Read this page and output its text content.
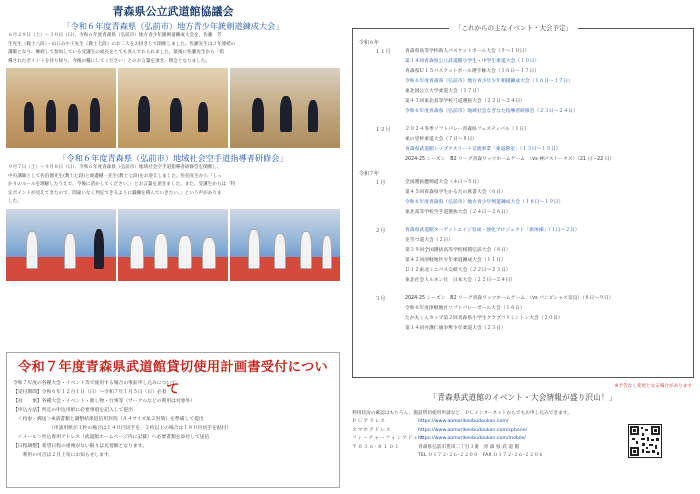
青森県公立武道館協議会
「令和６年度青森県（弘前市）地方青少年銃剣道錬成大会」
６月２９日（土）～３０日（日）、令和６年度青森県（弘前市）地方青少年銃剣道錬成大会を、佐藤　芳
生先生（範士八段）・山口みや子先生（教士七段）のお二人をお招きして開催しました。佐藤先生は３年連続の
講師となり、継続して参加している受講生の成長をとても喜んでおられました。最後に佐藤先生から「指
導されたポイントを持ち帰り、今後の糧にしてください」とのお言葉を頂き、閉会となりました。
「令和６年度青森県（弘前市）地域社会空手道指導者研修会」
９月７日（土）～９月８日（日）、令和６年度青森県（弘前市）地域社会空手道指導者研修会を開催し、
中央講師として佐伯德先生(教士七段)と渡邊剛一先生(教士七段)をお迎えしました。佐伯先生から「しっ
かりのルールを理解したうえで、今後に活かしてください。」とお言葉を頂きました。また、受講生からは「特
定ポイントが見えてきたので、間違いなく判定できるように鍛錬を積んでいきたい。」という声がありま
した。
令和７年度青森県武道館貸切使用計画書受付について
令和７年度の各種大会・イベント等で使用する場合の事前申し込みについて
【受付期間】令和６年１２月１日（日）～令和７年１月５日（日）必着
【対　　象】各種大会・イベント・催し物・行事等（サークルなどの利用は対象外）
【申込方法】所定の申込用紙に必要事項を記入して提出
　＜持参・郵送＞※請書類と調整結果返信用封筒（Ａ４サイズ角２封筒）を準備して提出
　　　　　　　　（申請用紙が１枚の場合は１４０円切手を、２枚以上の場合は１８０円切手を貼付）
　＜メール＞申込専用アドレス（武道館ホームページ内に記載）へ必要書類を添付して送信
【日程調整】希望日程の重複がない限りは先着順となります。
　　利用の可否は２月上旬にお知らせします。
「これからの主なイベント・大会予定」
令和６年
１１月	青森県高等学校新人バスケットボール大会（９～１０日）
第１４回青森県公立武道館小学生・中学生柔道大会（１０日）
青森県Ｕ１５バスケットボール選手権大会（１６日～１７日）
令和６年度青森県（弘前市）地方青少年少年相撲錬成大会（１６日～１７日）
東北国公立大学柔道大会（１７日）
第４３回東北高等学校弓道選抜大会（２２日～２４日）
令和６年度青森県（弘前市）地域社会なぎなた指導者研修会（２３日～２４日）
１２月	２０２４冬季ソフトバレー青森県フェスティバル（１日）
柔の里杯柔道大会（７日～８日）
青森県武道館トップアスリート交流事業「柔道教室」（１３日～１５日）
2024-25 シーズン　B2 リーグ青森ワッツホームゲーム　（vs 神戸ストークス）（21 日～22 日）
令和７年
１月	全国選抜鷹剣道大会（４日～５日）
第４５回青森県学生かるたの席書大会（６日）
令和６年度青森県（弘前市）地方青少年剣道錬成大会（１８日～１９日）
東北高等学校空手道選抜大会（２４日～２６日）
２月	青森県武道館ターゲットエイジ育成・強化プロジェクト「新体操」（１日～２日）
克雪つ道大会（２日）
第３９回全国選抜高等学校相撲弘前大会（８日）
第４２回津軽地区少年柔道錬成大会（１１日）
Ｕ１２東北ミニバス交歓大会（２２日～２３日）
東北社会人ルネン社　日本大会（２２日～２４日）
３月	2024-25 シーズン　B2 リーグ青森ワッツホームゲーム　（vs バンビシャス奈良）（８日～９日）
令和６年度津軽地区ソフトバレーボール大会（１６日）
たか丸くんカップ第２回青森県小学生クラブバドミントン大会（２０日）
第１４回弁護仁旗争奪少年柔道大会（２３日）
※予告なく変更となる場合があります
「青森県武道館のイベント・大会情報が盛り沢山！」
利用状況の確認はもちろん、施設貸切使用申請など、ＰＣインターネットからでもお申し込みできます。
ＰＣアドレス	https://www.aomorikenbudoukan.com/
スマホアドレス	https://www.aomorikenbudoukan.com/sphone/
フィーチャーフォンアドレス
https://www.aomorikenbudoukan.com/mobile/
〒０３６-８１０１	青森県弘前市豊田二丁目３番　青 森 県 武 道 館
TEL ０１７２-２６-２２００　FAX ０１７２-２６-２２０６
